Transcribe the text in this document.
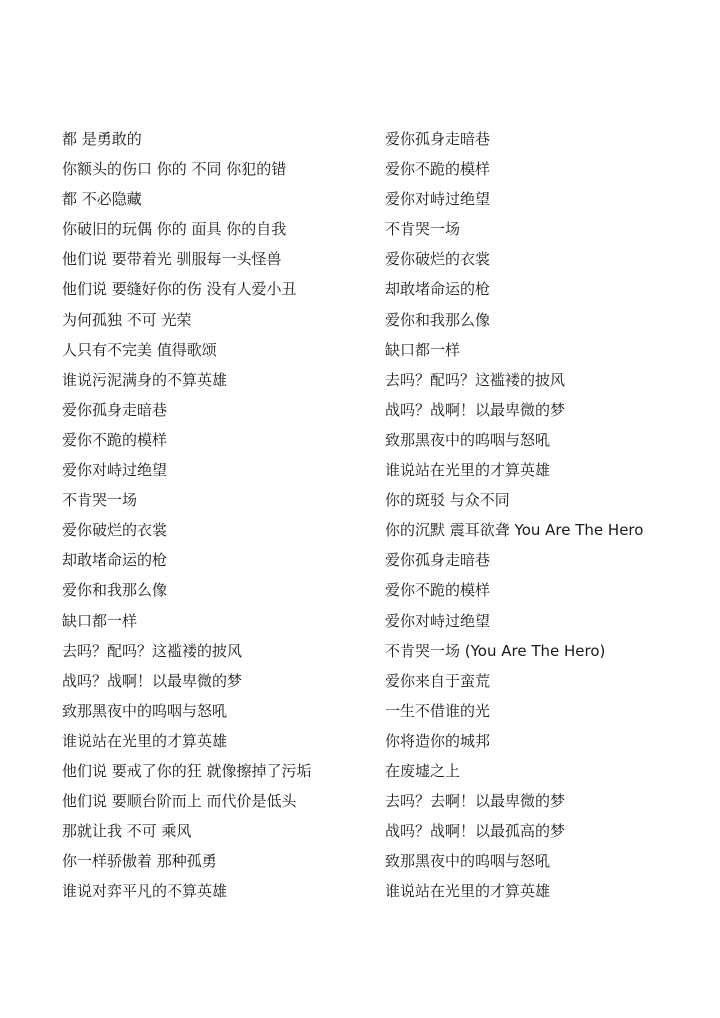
都 是勇敢的
你额头的伤口 你的 不同 你犯的错
都 不必隐藏
你破旧的玩偶 你的 面具 你的自我
他们说 要带着光 驯服每一头怪兽
他们说 要缝好你的伤 没有人爱小丑
为何孤独 不可 光荣
人只有不完美 值得歌颂
谁说污泥满身的不算英雄
爱你孤身走暗巷
爱你不跪的模样
爱你对峙过绝望
不肯哭一场
爱你破烂的衣裳
却敢堵命运的枪
爱你和我那么像
缺口都一样
去吗？配吗？这褴褛的披风
战吗？战啊！以最卑微的梦
致那黑夜中的呜咽与怒吼
谁说站在光里的才算英雄
他们说 要戒了你的狂 就像擦掉了污垢
他们说 要顺台阶而上 而代价是低头
那就让我 不可 乘风
你一样骄傲着 那种孤勇
谁说对弈平凡的不算英雄
爱你孤身走暗巷
爱你不跪的模样
爱你对峙过绝望
不肯哭一场
爱你破烂的衣裳
却敢堵命运的枪
爱你和我那么像
缺口都一样
去吗？配吗？这褴褛的披风
战吗？战啊！以最卑微的梦
致那黑夜中的呜咽与怒吼
谁说站在光里的才算英雄
你的斑驳 与众不同
你的沉默 震耳欲聋 You Are The Hero
爱你孤身走暗巷
爱你不跪的模样
爱你对峙过绝望
不肯哭一场 (You Are The Hero)
爱你来自于蛮荒
一生不借谁的光
你将造你的城邦
在废墟之上
去吗？去啊！以最卑微的梦
战吗？战啊！以最孤高的梦
致那黑夜中的呜咽与怒吼
谁说站在光里的才算英雄
